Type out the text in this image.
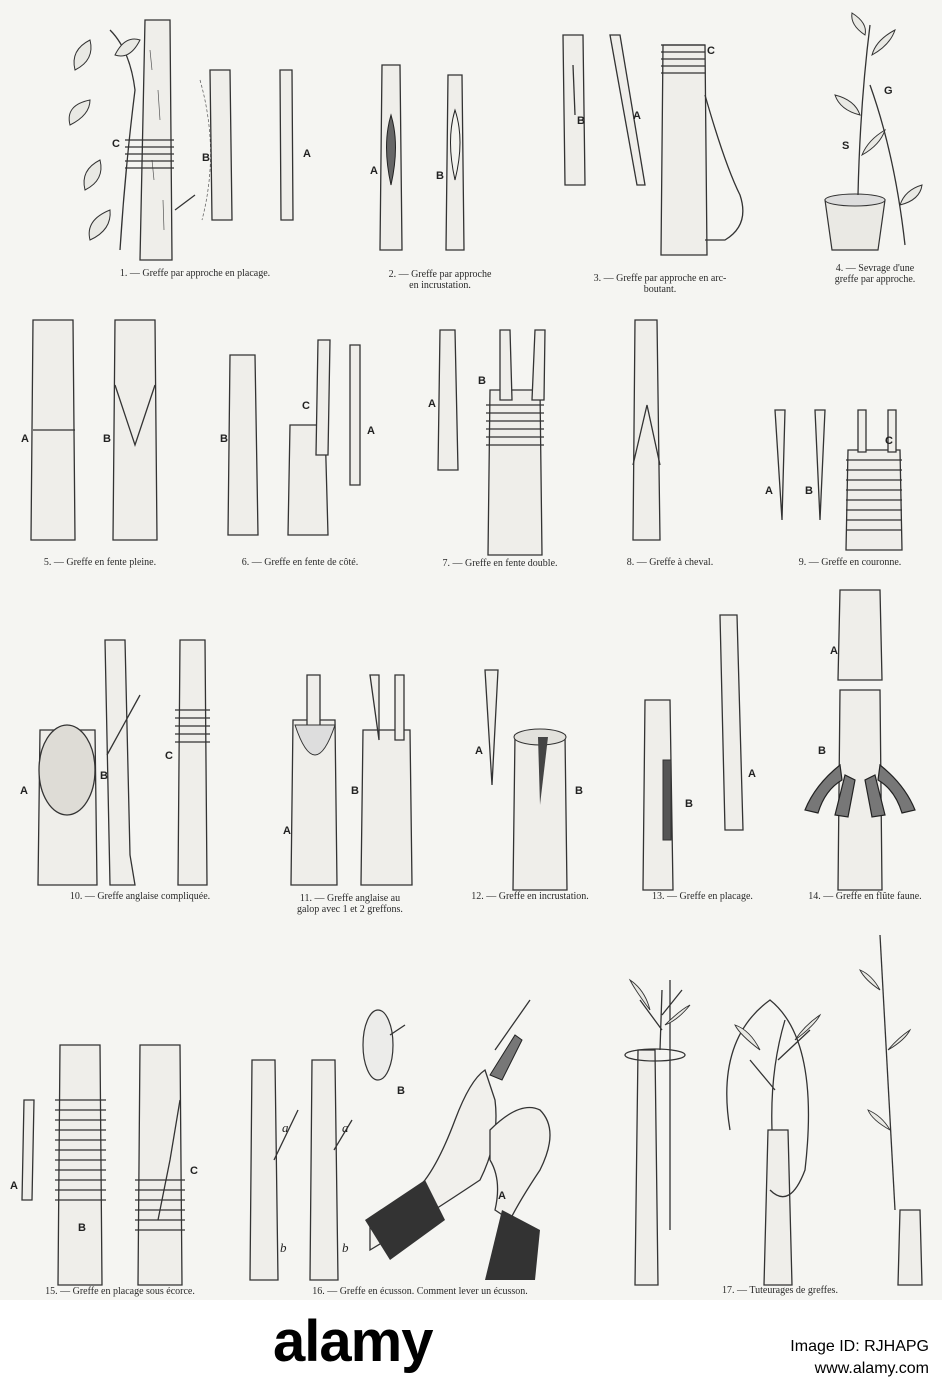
C
B	A
1. — Greffe par approche en placage.
A	B
2. — Greffe par approche
en incrustation.
B	A
C
3. — Greffe par approche en arc-
boutant.
G
S
4. — Sevrage d'une
greffe par approche.
A	B
5. — Greffe en fente pleine.
B
C
A
6. — Greffe en fente de côté.
A
B
7. — Greffe en fente double.	8. — Greffe à cheval.
A	B
C
9. — Greffe en couronne.
A
B
C
10. — Greffe anglaise compliquée.
A
B
11. — Greffe anglaise au
galop avec 1 et 2 greffons.
A
B
12. — Greffe en incrustation.
B
A
13. — Greffe en placage.
A
B
14. — Greffe en flûte faune.
A
B
C
15. — Greffe en placage sous écorce.
a
b
a
b
B
A
16. — Greffe en écusson. Comment lever un écusson.	17. — Tuteurages de greffes.
alamy	Image ID: RJHAPG
www.alamy.com
